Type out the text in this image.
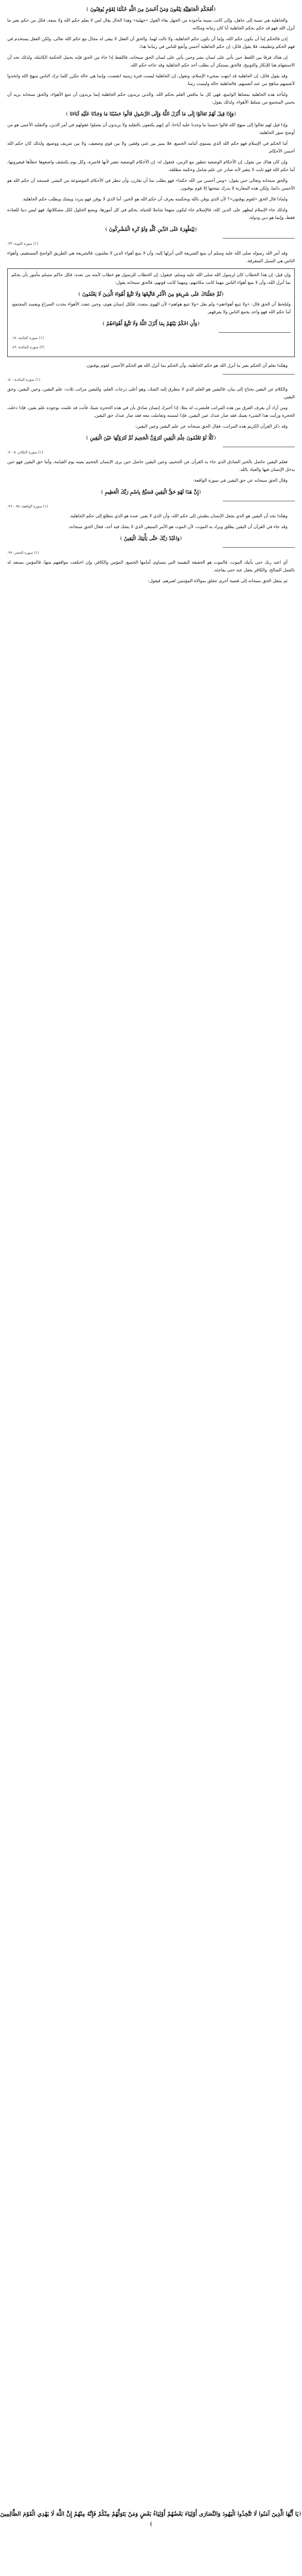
﴿ أَفَحُكْمَ الْجَاهِلِيَّةِ يَبْغُونَ وَمَنْ أَحْسَنُ مِنَ اللَّهِ حُكْمًا لِقَوْمٍ يُوقِنُونَ ﴾

والجاهلية هي نسبة إلى جاهل، وإلى كانت نسبة مأخوذة من الجهل بقاء القول «جهلية» وهذا الحال يقال لمن لا يعلم حكم الله ولا يتبعه، فكل من حكم بغير ما أنزل الله فهو قد حكم بحكم الجاهلية أيا كان زمانه ومكانه.

إذن فالحكم إما أن يكون حكم الله، وإما أن يكون حكم الجاهلية، ولا ثالث لهما. والحق أن العقل لا يبقى له مجال مع حكم الله تعالى، ولكن العقل يستخدم في فهم الحكم وتطبيقه، فلا يقول قائل: إن حكم الجاهلية أحسن وأنفع للناس في زماننا هذا.

إن هناك فرقا بين اللفظ حين يأتي على لسان بشر وحين يأتي على لسان الحق سبحانه، فاللفظ إذا جاء من الحق فإنه يحمل الحكمة الكاملة، ولذلك نجد أن الاستفهام هنا للإنكار والتوبيخ، فالحق يستنكر أن يطلب أحد حكم الجاهلية وقد جاءه حكم الله.

وقد يقول قائل: إن الجاهلية قد انتهت بمجيء الإسلام، ونقول: إن الجاهلية ليست فترة زمنية انقضت، وإنما هي حالة تتكرر كلما ترك الناس منهج الله واتخذوا لأنفسهم مناهج من عند أنفسهم، فالجاهلية حالة وليست زمنا.

ولنأخذ هذه الجاهلية بمعناها الواسع، فهي كل ما يناقض العلم بحكم الله، والذين يريدون حكم الجاهلية إنما يريدون أن تتبع الأهواء، والحق سبحانه يريد أن يحمي المجتمع من تسلط الأهواء، ولذلك يقول:

﴿ وَإِذَا قِيلَ لَهُمْ تَعَالَوْا إِلَى مَا أَنْزَلَ اللَّهُ وَإِلَى الرَّسُولِ قَالُوا حَسْبُنَا مَا وَجَدْنَا عَلَيْهِ آبَاءَنَا ﴾

وإذا قيل لهم تعالوا إلى منهج الله قالوا حسبنا ما وجدنا عليه آباءنا، أي إنهم يكتفون بالتقليد ولا يريدون أن يعملوا عقولهم في أمر الدين، والتقليد الأعمى هو من أوضح صور الجاهلية.

أما الحكم في الإسلام فهو حكم الله الذي يستوي أمامه الجميع، فلا يميز بين غني وفقير، ولا بين قوي وضعيف، ولا بين شريف ووضيع، ولذلك كان حكم الله أحسن الأحكام.

وإن كان هناك من يقول: إن الأحكام الوضعية تتطور مع الزمن، فنقول له: إن الأحكام الوضعية تتغير لأنها قاصرة، وكل يوم يكتشف واضعوها خطأها فيغيرونها، أما حكم الله فهو ثابت لا يتغير لأنه صادر عن علم شامل وحكمة مطلقة.

والحق سبحانه وتعالى حين يقول: «ومن أحسن من الله حكما» فهو يطلب منا أن نقارن، وأن ننظر في الأحكام الموضوعة من البشر، فسنجد أن حكم الله هو الأحسن دائما، ولكن هذه المقارنة لا يدرك نتيجتها إلا قوم يوقنون.

ولماذا قال الحق «لقوم يوقنون»؟ لأن الذي يوقن بالله وبحكمته يعرف أن حكم الله هو الخير، أما الذي لا يوقن فهو يتردد ويشك ويطلب حكم الجاهلية.

ولذلك جاء الإسلام ليظهر على الدين كله، فالإسلام جاء ليكون منهجا شاملا للحياة، يحكم في كل أمورها، ويضع الحلول لكل مشكلاتها، فهو ليس دينا للعبادة فقط، وإنما هو دين ودولة.

﴿ لِيُظْهِرَهُ عَلَى الدِّينِ كُلِّهِ وَلَوْ كَرِهَ الْمُشْرِكُونَ ﴾

(١) سورة التوبة: ٣٣.

وقد أمر الله رسوله صلى الله عليه وسلم أن يتبع الشريعة التي أنزلها إليه، وأن لا يتبع أهواء الذين لا يعلمون، فالشريعة هي الطريق الواضح المستقيم، وأهواء الناس هي السبل المتفرقة.

وإن قيل: إن هذا الخطاب كان لرسول الله صلى الله عليه وسلم، فنقول: إن الخطاب للرسول هو خطاب لأمته من بعده، فكل حاكم مسلم مأمور بأن يحكم بما أنزل الله، وأن لا يتبع أهواء الناس مهما كانت مكانتهم، ومهما كانت قوتهم، فالحق سبحانه يقول:

﴿ ثُمَّ جَعَلْنَاكَ عَلَى شَرِيعَةٍ مِنَ الْأَمْرِ فَاتَّبِعْهَا وَلَا تَتَّبِعْ أَهْوَاءَ الَّذِينَ لَا يَعْلَمُونَ ﴾

ولنلحظ أن الحق قال: «ولا تتبع أهواءهم» ولم يقل «ولا تتبع هواهم» لأن الهوى متعدد، فلكل إنسان هوى، وحين تتعدد الأهواء يحدث الصراع ويفسد المجتمع، أما حكم الله فهو واحد يجمع الناس ولا يفرقهم.

﴿ وَأَنِ احْكُمْ بَيْنَهُمْ بِمَا أَنْزَلَ اللَّهُ وَلَا تَتَّبِعْ أَهْوَاءَهُمْ ﴾

(١) سورة الجاثية: ١٨.

(٢) سورة المائدة: ٤٩.

وهكذا نعلم أن الحكم بغير ما أنزل الله هو حكم الجاهلية، وأن الحكم بما أنزل الله هو الحكم الأحسن لقوم يوقنون.

(١) سورة المائدة: ٥٠.

والكلام عن اليقين يحتاج إلى بيان، فاليقين هو العلم الذي لا يتطرق إليه الشك، وهو أعلى درجات العلم، ولليقين مراتب ثلاث: علم اليقين، وعين اليقين، وحق اليقين.

ومن أراد أن يعرف الفرق بين هذه المراتب فلنضرب له مثلا: إذا أخبرك إنسان صادق بأن في هذه الحجرة شيئا، فأنت قد علمت بوجوده علم يقين، فإذا دخلت الحجرة ورأيت هذا الشيء بعينك فقد صار عندك عين اليقين، فإذا لمسته وتعاملت معه فقد صار عندك حق اليقين.

وقد ذكر القرآن الكريم هذه المراتب، فقال الحق سبحانه عن علم اليقين وعين اليقين:

﴿ كَلَّا لَوْ تَعْلَمُونَ عِلْمَ الْيَقِينِ لَتَرَوُنَّ الْجَحِيمَ ثُمَّ لَتَرَوُنَّهَا عَيْنَ الْيَقِينِ ﴾

(١) سورة التكاثر: ٥ - ٧.

فعلم اليقين حاصل بالخبر الصادق الذي جاء به القرآن عن الجحيم، وعين اليقين حاصل حين يرى الإنسان الجحيم بعينه يوم القيامة، وأما حق اليقين فهو حين يدخل الإنسان فيها والعياذ بالله.

وقال الحق سبحانه عن حق اليقين في سورة الواقعة:

﴿ إِنَّ هَذَا لَهُوَ حَقُّ الْيَقِينِ فَسَبِّحْ بِاسْمِ رَبِّكَ الْعَظِيمِ ﴾

(١) سورة الواقعة: ٩٥ - ٩٦.

وهكذا نجد أن اليقين هو الذي يجعل الإنسان يطمئن إلى حكم الله، وأن الذي لا يقين عنده هو الذي يتطلع إلى حكم الجاهلية.

وقد جاء في القرآن أن اليقين يطلق ويراد به الموت، لأن الموت هو الأمر المتيقن الذي لا يشك فيه أحد، فقال الحق سبحانه:

﴿ وَاعْبُدْ رَبَّكَ حَتَّى يَأْتِيَكَ الْيَقِينُ ﴾

(١) سورة الحجر: ٩٩.

أي اعبد ربك حتى يأتيك الموت، فالموت هو الحقيقة اليقينية التي يتساوى أمامها الجميع، المؤمن والكافر، وإن اختلفت مواقفهم منها، فالمؤمن يستعد له بالعمل الصالح، والكافر يغفل عنه حتى يفاجئه.

ثم ينتقل الحق سبحانه إلى قضية أخرى تتعلق بموالاة المؤمنين لغيرهم، فيقول:

﴿ يَا أَيُّهَا الَّذِينَ آمَنُوا لَا تَتَّخِذُوا الْيَهُودَ وَالنَّصَارَى أَوْلِيَاءَ بَعْضُهُمْ أَوْلِيَاءُ بَعْضٍ وَمَنْ يَتَوَلَّهُمْ مِنْكُمْ فَإِنَّهُ مِنْهُمْ إِنَّ اللَّهَ لَا يَهْدِي الْقَوْمَ الظَّالِمِينَ ﴾
